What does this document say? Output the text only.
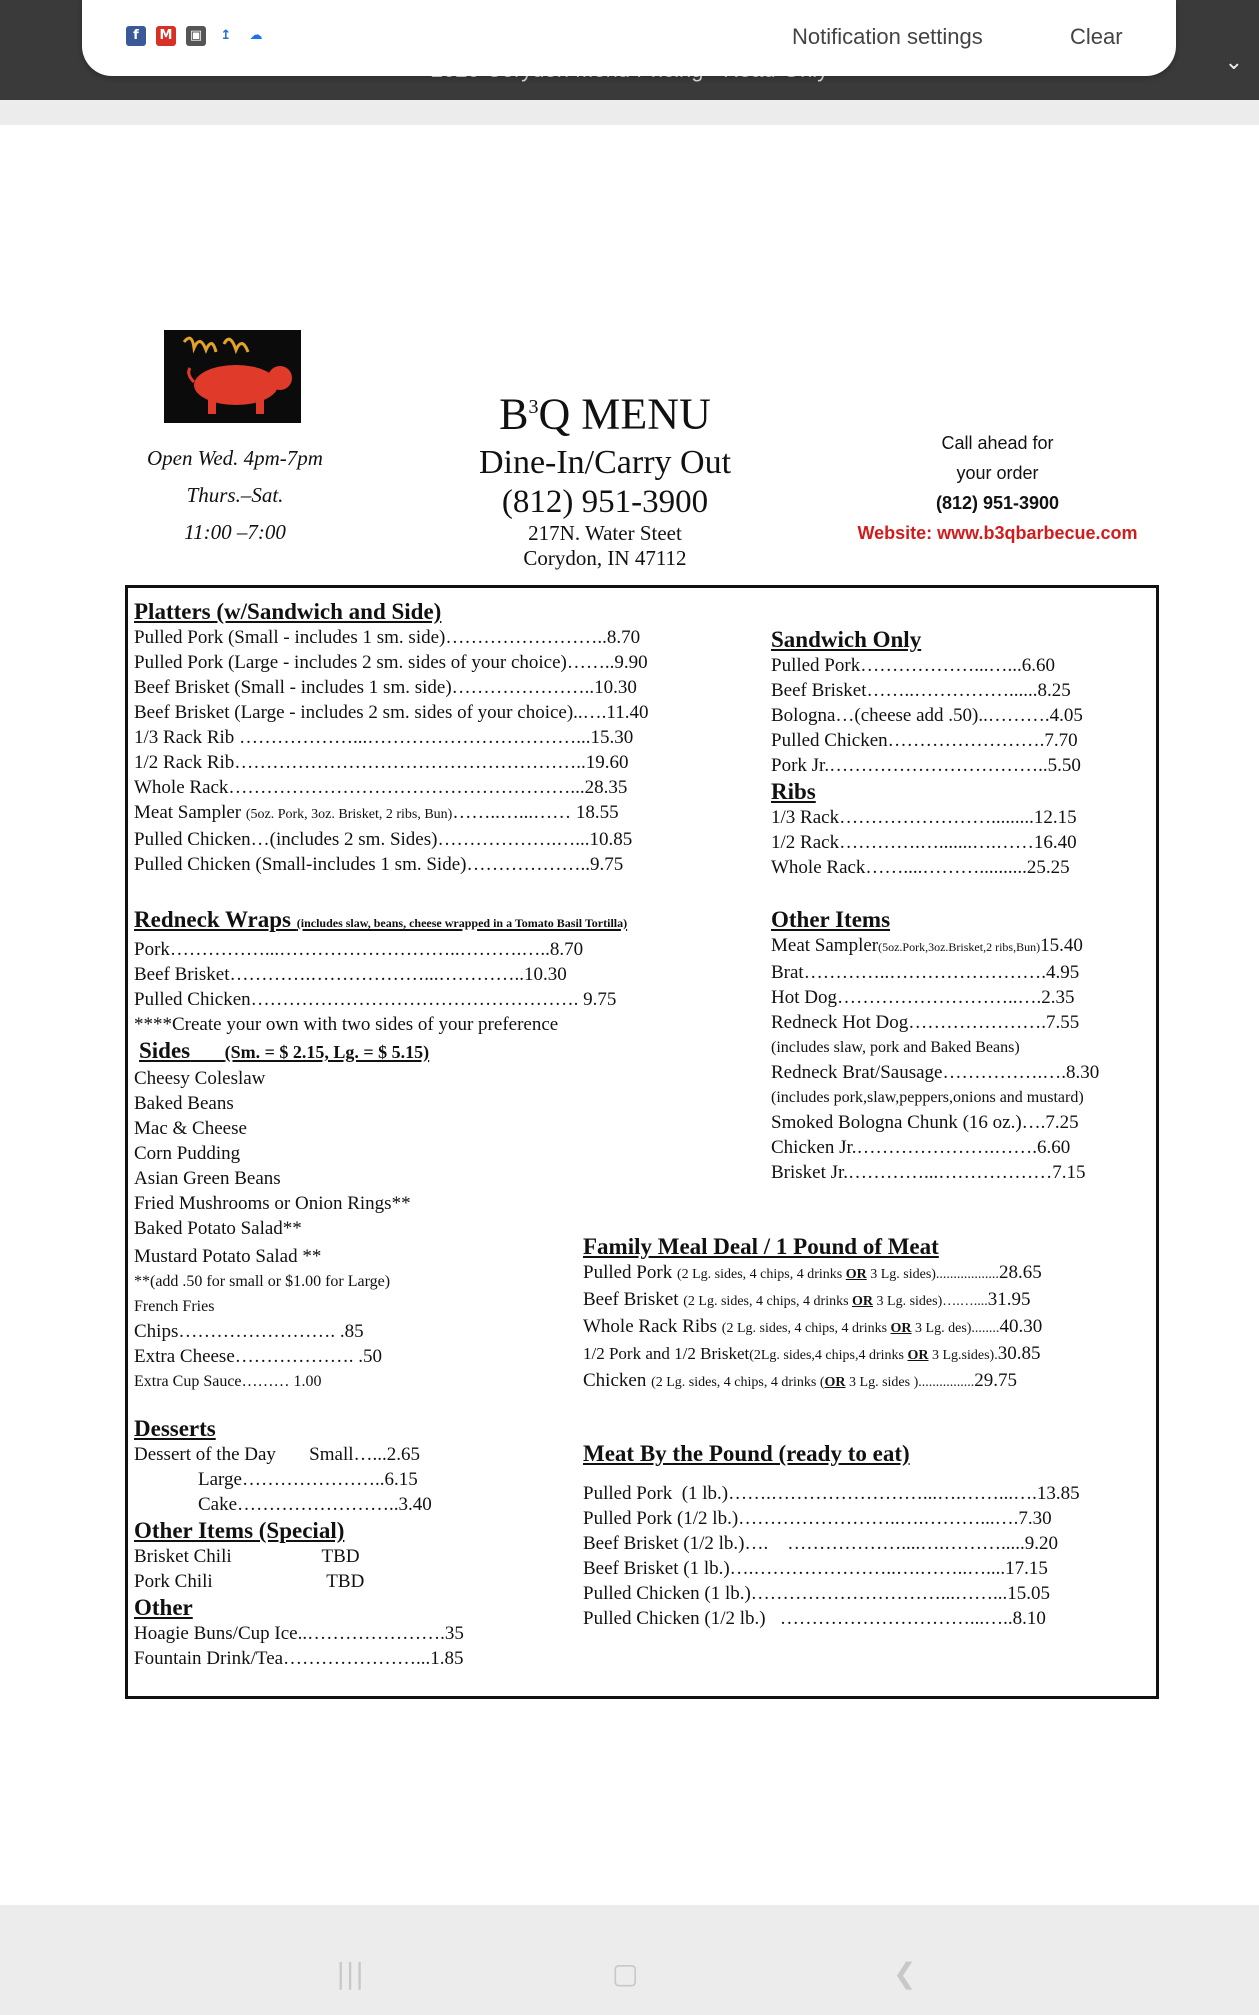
⌄
f	M ▣	↥	☁	Notification settings	Clear
Open Wed. 4pm-7pm
Thurs.–Sat.
11:00 –7:00
$B^3Q$ MENU
Dine-In/Carry Out
(812) 951-3900
217N. Water Steet
Corydon, IN 47112
Call ahead for
your order
(812) 951-3900
Website: www.b3qbarbecue.com
Platters (w/Sandwich and Side)
Pulled Pork (Small - includes 1 sm. side)……………………..8.70
Pulled Pork (Large - includes 2 sm. sides of your choice)……..9.90
Beef Brisket (Small - includes 1 sm. side)…………………..10.30
Beef Brisket (Large - includes 2 sm. sides of your choice)..….11.40
1/3 Rack Rib ………………...……………………………...15.30
1/2 Rack Rib………………………………………………..19.60
Whole Rack………………………………………………...28.35
Meat Sampler (5oz. Pork, 3oz. Brisket, 2 ribs, Bun)……..…...…… 18.55
Pulled Chicken…(includes 2 sm. Sides)……………….…...10.85
Pulled Chicken (Small-includes 1 sm. Side)………………..9.75
Sandwich Only
Pulled Pork………………...…...6.60
Beef Brisket……..……………......8.25
Bologna…(cheese add .50)..……….4.05
Pulled Chicken…………………….7.70
Pork Jr.……………………………..5.50
Ribs
1/3 Rack…………………….........12.15
1/2 Rack………….….......….……16.40
Whole Rack……....………..........25.25
Redneck Wraps (includes slaw, beans, cheese wrapped in a Tomato Basil Tortilla)
Pork……………...………………………..……….…..8.70
Beef Brisket………….………………...…………..10.30
Pulled Chicken……………………………………………. 9.75
****Create your own with two sides of your preference
Sides (Sm. = $ 2.15, Lg. = $ 5.15)
Cheesy Coleslaw
Baked Beans
Mac & Cheese
Corn Pudding
Asian Green Beans
Fried Mushrooms or Onion Rings**
Baked Potato Salad**
Mustard Potato Salad **
**(add .50 for small or $1.00 for Large)
French Fries
Chips……………………. .85
Extra Cheese………………. .50
Extra Cup Sauce……… 1.00
Other Items
Meat Sampler(5oz.Pork,3oz.Brisket,2 ribs,Bun)15.40
Brat…………..…………………….4.95
Hot Dog………………………..….2.35
Redneck Hot Dog………………….7.55
(includes slaw, pork and Baked Beans)
Redneck Brat/Sausage…………….….8.30
(includes pork,slaw,peppers,onions and mustard)
Smoked Bologna Chunk (16 oz.)….7.25
Chicken Jr.………………….…….6.60
Brisket Jr.…………...………………7.15
Family Meal Deal / 1 Pound of Meat
Pulled Pork (2 Lg. sides, 4 chips, 4 drinks OR 3 Lg. sides)..................28.65
Beef Brisket (2 Lg. sides, 4 chips, 4 drinks OR 3 Lg. sides)….…....31.95
Whole Rack Ribs (2 Lg. sides, 4 chips, 4 drinks OR 3 Lg. des)........40.30
1/2 Pork and 1/2 Brisket(2Lg. sides,4 chips,4 drinks OR 3 Lg.sides).30.85
Chicken (2 Lg. sides, 4 chips, 4 drinks (OR 3 Lg. sides )................29.75
Desserts
Dessert of the Day       Small…...2.65
Large…………………..6.15
Cake……………………..3.40
Other Items (Special)
Brisket Chili                   TBD
Pork Chili                        TBD
Other
Hoagie Buns/Cup Ice..………………….35
Fountain Drink/Tea…………………...1.85
Meat By the Pound (ready to eat)
Pulled Pork  (1 lb.)…….……………………...….……...….13.85
Pulled Pork (1/2 lb.)……………………..….………...….7.30
Beef Brisket (1/2 lb.)….    ………………....….……….....9.20
Beef Brisket (1 lb.)….…………………..….……..…....17.15
Pulled Chicken (1 lb.)…………………………...……...15.05
Pulled Chicken (1/2 lb.)   …………………………...…..8.10
|||	▢	❮
